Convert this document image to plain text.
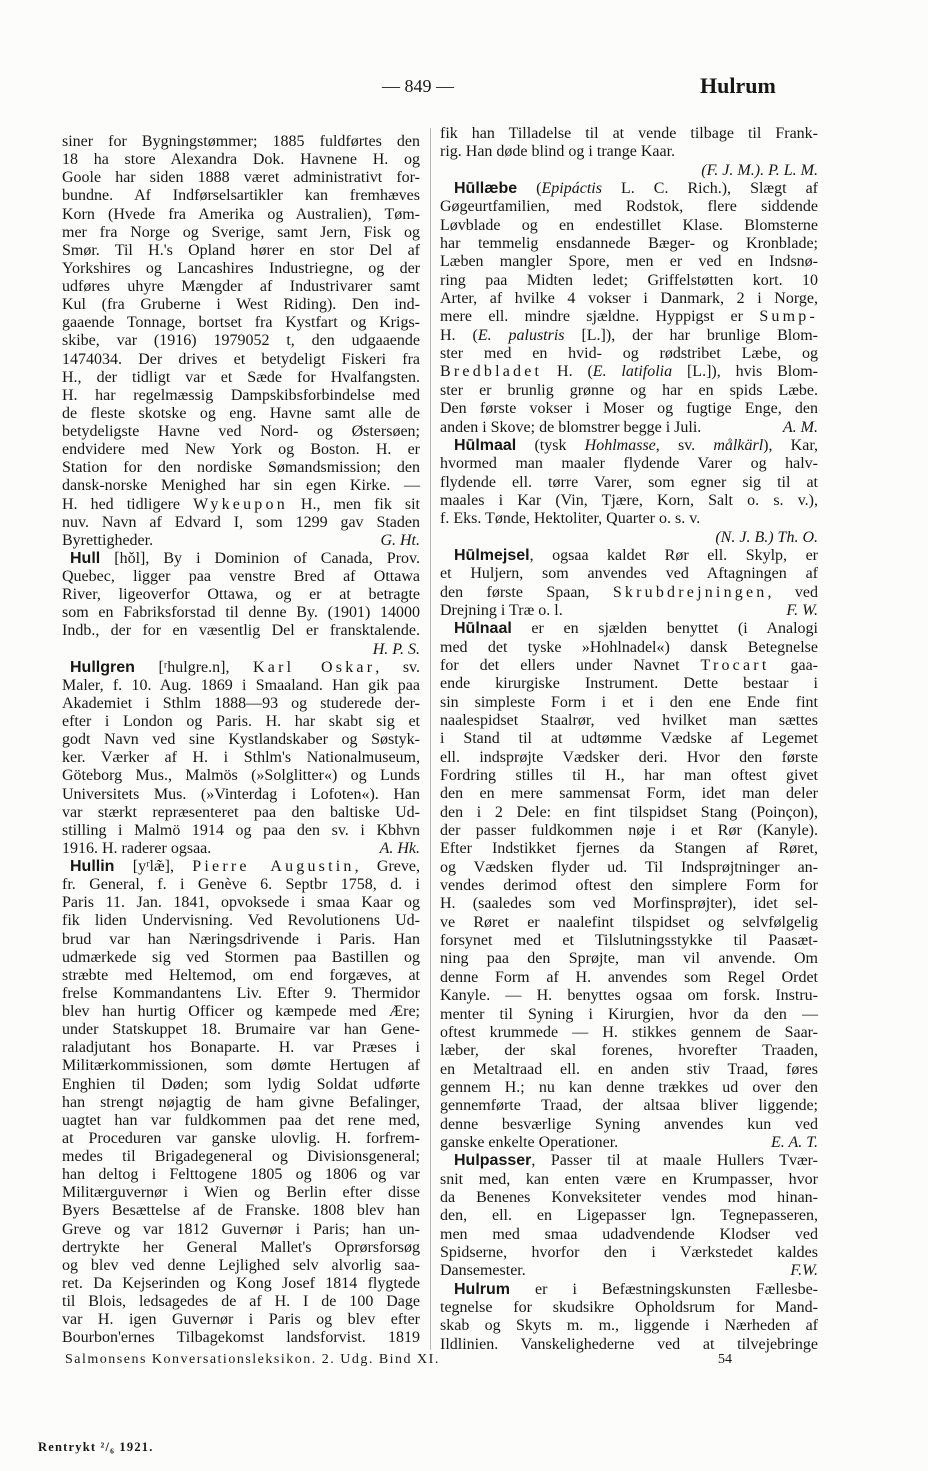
— 849 —	Hulrum
siner for Bygningstømmer; 1885 fuldførtes den
18 ha store Alexandra Dok. Havnene H. og
Goole har siden 1888 været administrativt for-
bundne. Af Indførselsartikler kan fremhæves
Korn (Hvede fra Amerika og Australien), Tøm-
mer fra Norge og Sverige, samt Jern, Fisk og
Smør. Til H.'s Opland hører en stor Del af
Yorkshires og Lancashires Industriegne, og der
udføres uhyre Mængder af Industrivarer samt
Kul (fra Gruberne i West Riding). Den ind-
gaaende Tonnage, bortset fra Kystfart og Krigs-
skibe, var (1916) 1979052 t, den udgaaende
1474034. Der drives et betydeligt Fiskeri fra
H., der tidligt var et Sæde for Hvalfangsten.
H. har regelmæssig Dampskibsforbindelse med
de fleste skotske og eng. Havne samt alle de
betydeligste Havne ved Nord- og Østersøen;
endvidere med New York og Boston. H. er
Station for den nordiske Sømandsmission; den
dansk-norske Menighed har sin egen Kirke. —
H. hed tidligere Wykeupon H., men fik sit
nuv. Navn af Edvard I, som 1299 gav Staden
Byrettigheder.	G. Ht.
Hull [hǒl], By i Dominion of Canada, Prov.
Quebec, ligger paa venstre Bred af Ottawa
River, ligeoverfor Ottawa, og er at betragte
som en Fabriksforstad til denne By. (1901) 14000
Indb., der for en væsentlig Del er fransktalende.
H. P. S.
Hullgren [ʳhulgre.n], Karl Oskar, sv.
Maler, f. 10. Aug. 1869 i Smaaland. Han gik paa
Akademiet i Sthlm 1888—93 og studerede der-
efter i London og Paris. H. har skabt sig et
godt Navn ved sine Kystlandskaber og Søstyk-
ker. Værker af H. i Sthlm's Nationalmuseum,
Göteborg Mus., Malmös (»Solglitter«) og Lunds
Universitets Mus. (»Vinterdag i Lofoten«). Han
var stærkt repræsenteret paa den baltiske Ud-
stilling i Malmö 1914 og paa den sv. i Kbhvn
1916. H. raderer ogsaa.	A. Hk.
Hullin [yʳlæ̃], Pierre Augustin, Greve,
fr. General, f. i Genève 6. Septbr 1758, d. i
Paris 11. Jan. 1841, opvoksede i smaa Kaar og
fik liden Undervisning. Ved Revolutionens Ud-
brud var han Næringsdrivende i Paris. Han
udmærkede sig ved Stormen paa Bastillen og
stræbte med Heltemod, om end forgæves, at
frelse Kommandantens Liv. Efter 9. Thermidor
blev han hurtig Officer og kæmpede med Ære;
under Statskuppet 18. Brumaire var han Gene-
raladjutant hos Bonaparte. H. var Præses i
Militærkommissionen, som dømte Hertugen af
Enghien til Døden; som lydig Soldat udførte
han strengt nøjagtig de ham givne Befalinger,
uagtet han var fuldkommen paa det rene med,
at Proceduren var ganske ulovlig. H. forfrem-
medes til Brigadegeneral og Divisionsgeneral;
han deltog i Felttogene 1805 og 1806 og var
Militærguvernør i Wien og Berlin efter disse
Byers Besættelse af de Franske. 1808 blev han
Greve og var 1812 Guvernør i Paris; han un-
dertrykte her General Mallet's Oprørsforsøg
og blev ved denne Lejlighed selv alvorlig saa-
ret. Da Kejserinden og Kong Josef 1814 flygtede
til Blois, ledsagedes de af H. I de 100 Dage
var H. igen Guvernør i Paris og blev efter
Bourbon'ernes Tilbagekomst landsforvist. 1819
fik han Tilladelse til at vende tilbage til Frank-
rig. Han døde blind og i trange Kaar.
(F. J. M.). P. L. M.
Hūllæbe (Epipáctis L. C. Rich.), Slægt af
Gøgeurtfamilien, med Rodstok, flere siddende
Løvblade og en endestillet Klase. Blomsterne
har temmelig ensdannede Bæger- og Kronblade;
Læben mangler Spore, men er ved en Indsnø-
ring paa Midten ledet; Griffelstøtten kort. 10
Arter, af hvilke 4 vokser i Danmark, 2 i Norge,
mere ell. mindre sjældne. Hyppigst er Sump-
H. (E. palustris [L.]), der har brunlige Blom-
ster med en hvid- og rødstribet Læbe, og
Bredbladet H. (E. latifolia [L.]), hvis Blom-
ster er brunlig grønne og har en spids Læbe.
Den første vokser i Moser og fugtige Enge, den
anden i Skove; de blomstrer begge i Juli.	A. M.
Hūlmaal (tysk Hohlmasse, sv. målkärl), Kar,
hvormed man maaler flydende Varer og halv-
flydende ell. tørre Varer, som egner sig til at
maales i Kar (Vin, Tjære, Korn, Salt o. s. v.),
f. Eks. Tønde, Hektoliter, Quarter o. s. v.
(N. J. B.) Th. O.
Hūlmejsel, ogsaa kaldet Rør ell. Skylp, er
et Huljern, som anvendes ved Aftagningen af
den første Spaan, Skrubdrejningen, ved
Drejning i Træ o. l.	F. W.
Hūlnaal er en sjælden benyttet (i Analogi
med det tyske »Hohlnadel«) dansk Betegnelse
for det ellers under Navnet Trocart gaa-
ende kirurgiske Instrument. Dette bestaar i
sin simpleste Form i et i den ene Ende fint
naalespidset Staalrør, ved hvilket man sættes
i Stand til at udtømme Vædske af Legemet
ell. indsprøjte Vædsker deri. Hvor den første
Fordring stilles til H., har man oftest givet
den en mere sammensat Form, idet man deler
den i 2 Dele: en fint tilspidset Stang (Poinçon),
der passer fuldkommen nøje i et Rør (Kanyle).
Efter Indstikket fjernes da Stangen af Røret,
og Vædsken flyder ud. Til Indsprøjtninger an-
vendes derimod oftest den simplere Form for
H. (saaledes som ved Morfinsprøjter), idet sel-
ve Røret er naalefint tilspidset og selvfølgelig
forsynet med et Tilslutningsstykke til Paasæt-
ning paa den Sprøjte, man vil anvende. Om
denne Form af H. anvendes som Regel Ordet
Kanyle. — H. benyttes ogsaa om forsk. Instru-
menter til Syning i Kirurgien, hvor da den —
oftest krummede — H. stikkes gennem de Saar-
læber, der skal forenes, hvorefter Traaden,
en Metaltraad ell. en anden stiv Traad, føres
gennem H.; nu kan denne trækkes ud over den
gennemførte Traad, der altsaa bliver liggende;
denne besværlige Syning anvendes kun ved
ganske enkelte Operationer.	E. A. T.
Hulpasser, Passer til at maale Hullers Tvær-
snit med, kan enten være en Krumpasser, hvor
da Benenes Konveksiteter vendes mod hinan-
den, ell. en Ligepasser lgn. Tegnepasseren,
men med smaa udadvendende Klodser ved
Spidserne, hvorfor den i Værkstedet kaldes
Dansemester.	F.W.
Hulrum er i Befæstningskunsten Fællesbe-
tegnelse for skudsikre Opholdsrum for Mand-
skab og Skyts m. m., liggende i Nærheden af
Ildlinien. Vanskelighederne ved at tilvejebringe
Salmonsens Konversationsleksikon. 2. Udg. Bind XI.	54
Rentrykt ²/₆ 1921.
